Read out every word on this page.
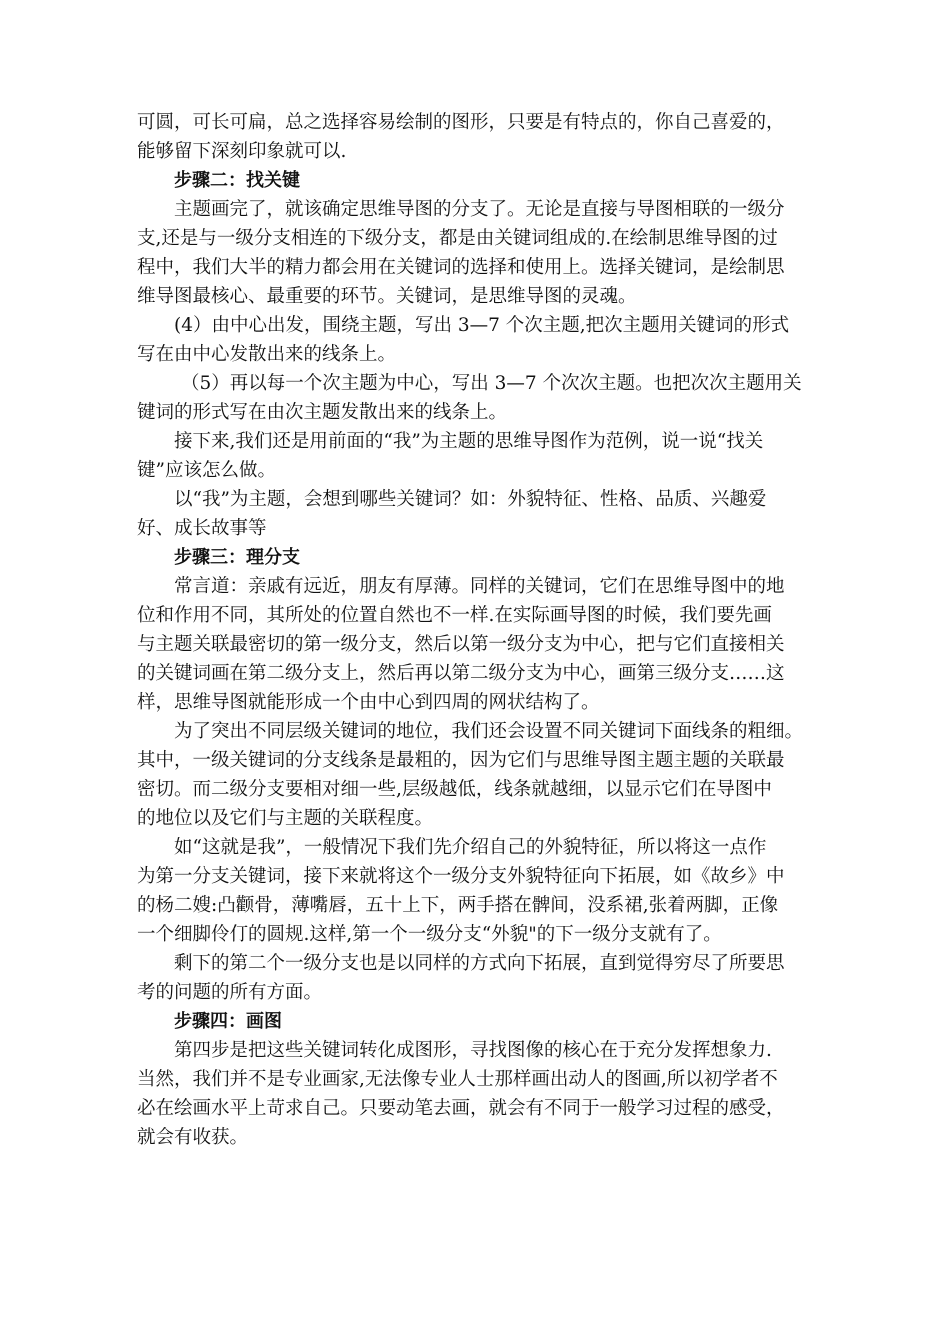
可圆，可长可扁，总之选择容易绘制的图形，只要是有特点的，你自己喜爱的，
能够留下深刻印象就可以.
步骤二：找关键
主题画完了，就该确定思维导图的分支了。无论是直接与导图相联的一级分
支,还是与一级分支相连的下级分支，都是由关键词组成的.在绘制思维导图的过
程中，我们大半的精力都会用在关键词的选择和使用上。选择关键词，是绘制思
维导图最核心、最重要的环节。关键词，是思维导图的灵魂。
(4）由中心出发，围绕主题，写出 3—7 个次主题,把次主题用关键词的形式
写在由中心发散出来的线条上。
（5）再以每一个次主题为中心，写出 3—7 个次次主题。也把次次主题用关
键词的形式写在由次主题发散出来的线条上。
接下来,我们还是用前面的“我”为主题的思维导图作为范例，说一说“找关
键”应该怎么做。
以“我”为主题，会想到哪些关键词？如：外貌特征、性格、品质、兴趣爱
好、成长故事等
步骤三：理分支
常言道：亲戚有远近，朋友有厚薄。同样的关键词，它们在思维导图中的地
位和作用不同，其所处的位置自然也不一样.在实际画导图的时候，我们要先画
与主题关联最密切的第一级分支，然后以第一级分支为中心，把与它们直接相关
的关键词画在第二级分支上，然后再以第二级分支为中心，画第三级分支……这
样，思维导图就能形成一个由中心到四周的网状结构了。
为了突出不同层级关键词的地位，我们还会设置不同关键词下面线条的粗细。
其中，一级关键词的分支线条是最粗的，因为它们与思维导图主题主题的关联最
密切。而二级分支要相对细一些,层级越低，线条就越细，以显示它们在导图中
的地位以及它们与主题的关联程度。
如“这就是我”，一般情况下我们先介绍自己的外貌特征，所以将这一点作
为第一分支关键词，接下来就将这个一级分支外貌特征向下拓展，如《故乡》中
的杨二嫂:凸颧骨，薄嘴唇，五十上下，两手搭在髀间，没系裙,张着两脚，正像
一个细脚伶仃的圆规.这样,第一个一级分支“外貌"的下一级分支就有了。
剩下的第二个一级分支也是以同样的方式向下拓展，直到觉得穷尽了所要思
考的问题的所有方面。
步骤四：画图
第四步是把这些关键词转化成图形，寻找图像的核心在于充分发挥想象力.
当然，我们并不是专业画家,无法像专业人士那样画出动人的图画,所以初学者不
必在绘画水平上苛求自己。只要动笔去画，就会有不同于一般学习过程的感受，
就会有收获。
